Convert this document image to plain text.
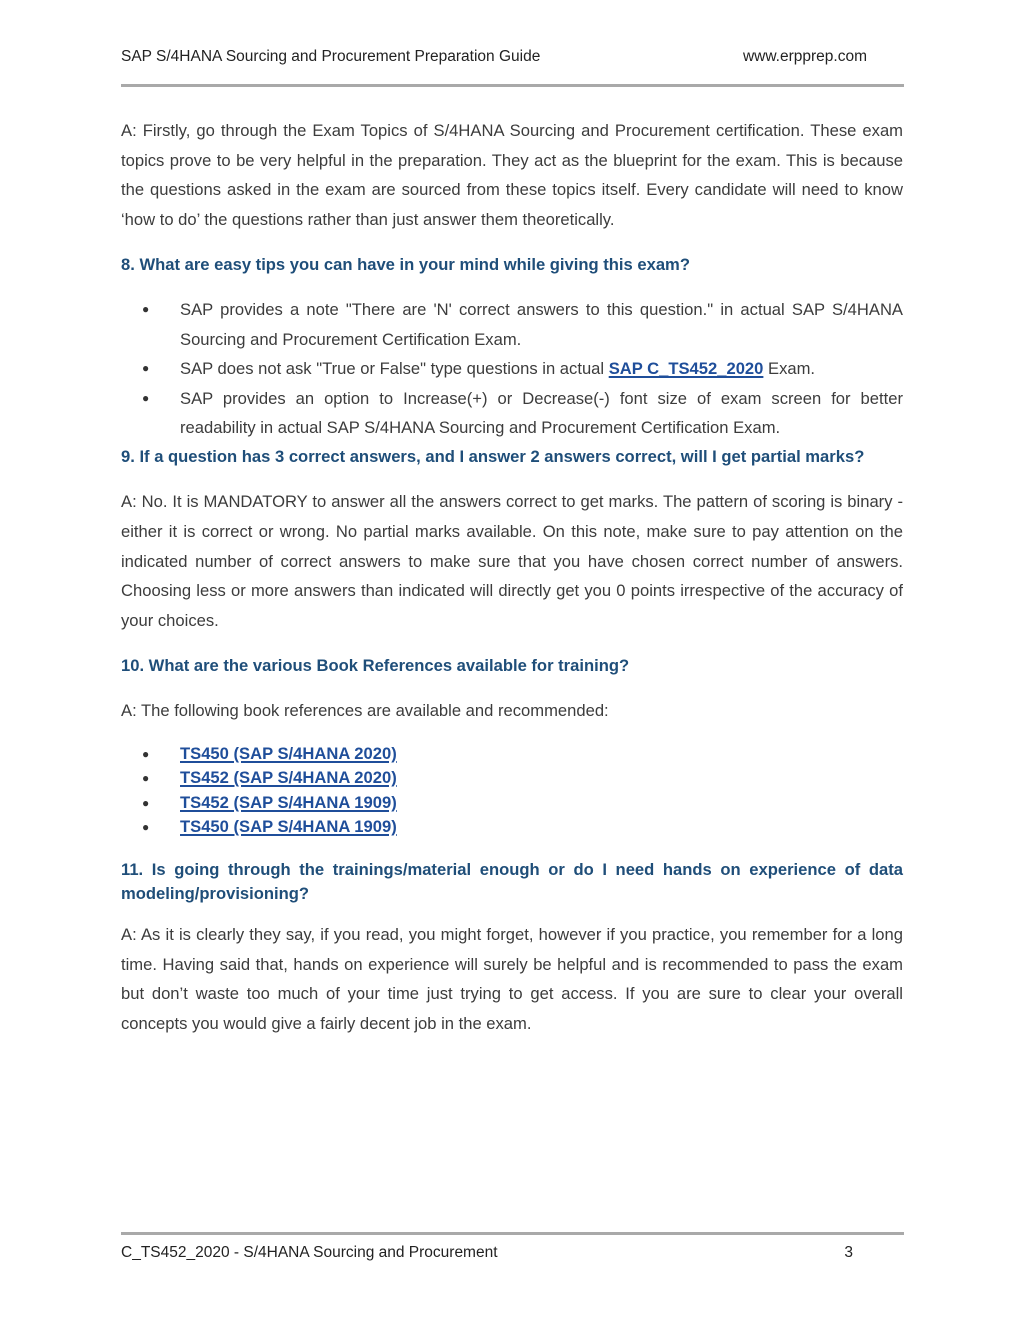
SAP S/4HANA Sourcing and Procurement Preparation Guide	www.erpprep.com

A: Firstly, go through the Exam Topics of S/4HANA Sourcing and Procurement certification. These exam topics prove to be very helpful in the preparation. They act as the blueprint for the exam. This is because the questions asked in the exam are sourced from these topics itself. Every candidate will need to know ‘how to do’ the questions rather than just answer them theoretically.

8. What are easy tips you can have in your mind while giving this exam?
● SAP provides a note "There are 'N' correct answers to this question." in actual SAP S/4HANA Sourcing and Procurement Certification Exam.
● SAP does not ask "True or False" type questions in actual SAP C_TS452_2020 Exam.
● SAP provides an option to Increase(+) or Decrease(-) font size of exam screen for better readability in actual SAP S/4HANA Sourcing and Procurement Certification Exam.
9. If a question has 3 correct answers, and I answer 2 answers correct, will I get partial marks?

A: No. It is MANDATORY to answer all the answers correct to get marks. The pattern of scoring is binary - either it is correct or wrong. No partial marks available. On this note, make sure to pay attention on the indicated number of correct answers to make sure that you have chosen correct number of answers. Choosing less or more answers than indicated will directly get you 0 points irrespective of the accuracy of your choices.

10. What are the various Book References available for training?

A: The following book references are available and recommended:

● TS450 (SAP S/4HANA 2020)
● TS452 (SAP S/4HANA 2020)
● TS452 (SAP S/4HANA 1909)
● TS450 (SAP S/4HANA 1909)
11. Is going through the trainings/material enough or do I need hands on experience of data modeling/provisioning?

A: As it is clearly they say, if you read, you might forget, however if you practice, you remember for a long time. Having said that, hands on experience will surely be helpful and is recommended to pass the exam but don’t waste too much of your time just trying to get access. If you are sure to clear your overall concepts you would give a fairly decent job in the exam.

C_TS452_2020 - S/4HANA Sourcing and Procurement	3
